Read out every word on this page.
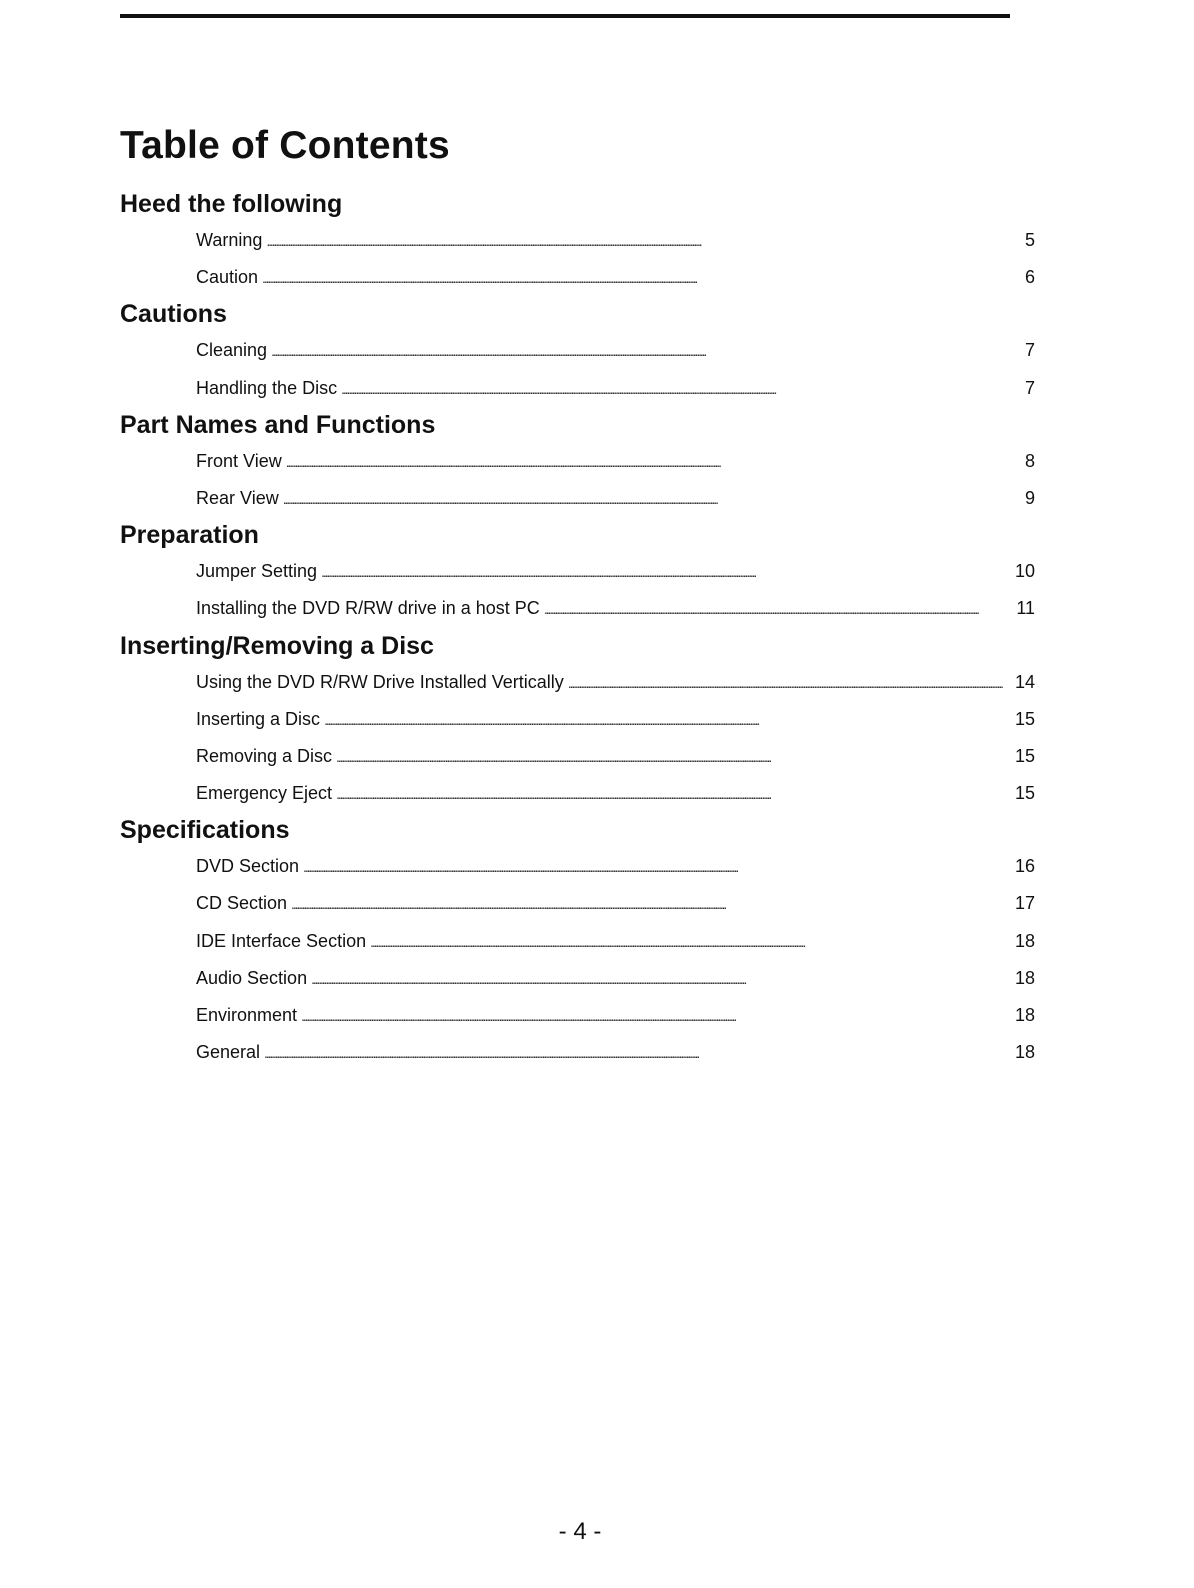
Table of Contents
Heed the following
Warning . . .	5
Caution . . .	6
Cautions
Cleaning . . .	7
Handling the Disc . . .	7
Part Names and Functions
Front View . . .	8
Rear View . . .	9
Preparation
Jumper Setting . . .	10
Installing the DVD R/RW drive in a host PC . . .	11
Inserting/Removing a Disc
Using the DVD R/RW Drive Installed Vertically . . .	14
Inserting a Disc . . .	15
Removing a Disc . . .	15
Emergency Eject . . .	15
Specifications
DVD Section . . .	16
CD Section . . .	17
IDE Interface Section . . .	18
Audio Section . . .	18
Environment . . .	18
General . . .	18
- 4 -
